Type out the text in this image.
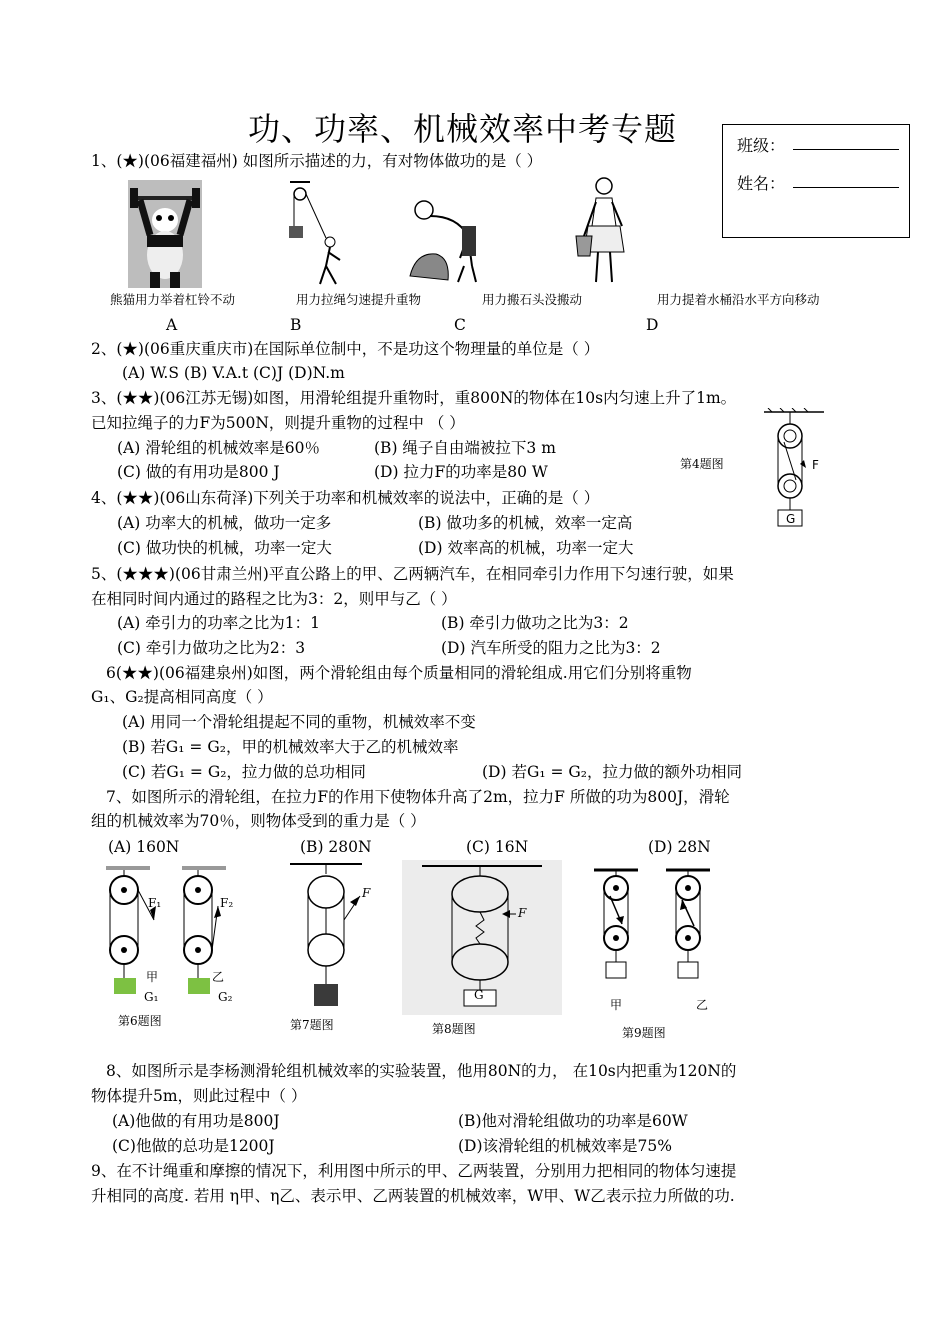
功、功率、机械效率中考专题	班级：
姓名：
1、(★)(06福建福州) 如图所示描述的力，有对物体做功的是（ ）
熊猫用力举着杠铃不动	用力拉绳匀速提升重物	用力搬石头没搬动	用力提着水桶沿水平方向移动
A	B	C	D
2、(★)(06重庆重庆市)在国际单位制中，不是功这个物理量的单位是（ ）
(A) W.S (B) V.A.t (C)J (D)N.m
3、(★★)(06江苏无锡)如图，用滑轮组提升重物时，重800N的物体在10s内匀速上升了1m。
已知拉绳子的力F为500N，则提升重物的过程中 （ ）
(A) 滑轮组的机械效率是60％	(B) 绳子自由端被拉下3 m
(C) 做的有用功是800 J	(D) 拉力F的功率是80 W	第4题图	F
G
4、(★★)(06山东荷泽)下列关于功率和机械效率的说法中，正确的是（ ）
(A) 功率大的机械，做功一定多	(B) 做功多的机械，效率一定高
(C) 做功快的机械，功率一定大	(D) 效率高的机械，功率一定大
5、(★★★)(06甘肃兰州)平直公路上的甲、乙两辆汽车，在相同牵引力作用下匀速行驶，如果
在相同时间内通过的路程之比为3：2，则甲与乙（ ）
(A) 牵引力的功率之比为1：1	(B) 牵引力做功之比为3：2
(C) 牵引力做功之比为2：3	(D) 汽车所受的阻力之比为3：2
6(★★)(06福建泉州)如图，两个滑轮组由每个质量相同的滑轮组成.用它们分别将重物
G₁、G₂提高相同高度（ ）
(A) 用同一个滑轮组提起不同的重物，机械效率不变
(B) 若G₁ = G₂，甲的机械效率大于乙的机械效率
(C) 若G₁ = G₂，拉力做的总功相同	(D) 若G₁ = G₂，拉力做的额外功相同
7、如图所示的滑轮组，在拉力F的作用下使物体升高了2m，拉力F 所做的功为800J，滑轮
组的机械效率为70％，则物体受到的重力是（ ）
(A) 160N	(B) 280N	(C) 16N	(D) 28N
F₁	F₂
甲	乙
G₁	G₂
第6题图
F
第7题图
F
G
第8题图
甲	乙
第9题图
8、如图所示是李杨测滑轮组机械效率的实验装置，他用80N的力， 在10s内把重为120N的
物体提升5m，则此过程中（ ）
(A)他做的有用功是800J	(B)他对滑轮组做功的功率是60W
(C)他做的总功是1200J	(D)该滑轮组的机械效率是75%
9、在不计绳重和摩擦的情况下，利用图中所示的甲、乙两装置，分别用力把相同的物体匀速提
升相同的高度. 若用 η甲、η乙、表示甲、乙两装置的机械效率，W甲、W乙表示拉力所做的功.
